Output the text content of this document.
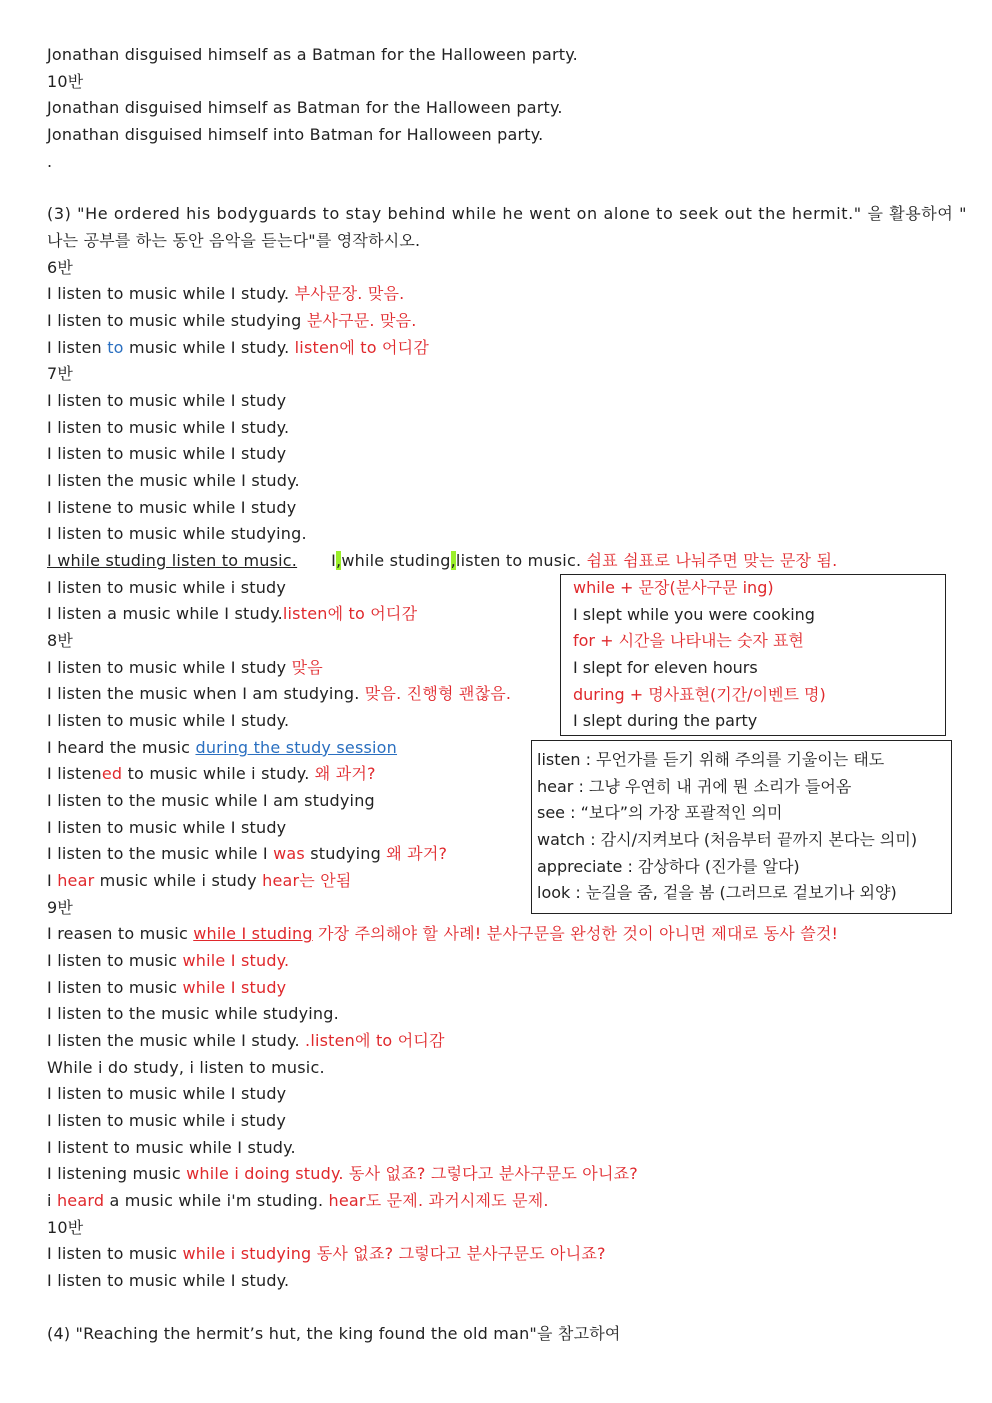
Jonathan disguised himself as a Batman for the Halloween party.
10반
Jonathan disguised himself as Batman for the Halloween party.
Jonathan disguised himself into Batman for Halloween party.
.
(3) "He ordered his bodyguards to stay behind while he went on alone to seek out the hermit." 을 활용하여 "
나는 공부를 하는 동안 음악을 듣는다"를 영작하시오.
6반
I listen to music while I study. 부사문장. 맞음.
I listen to music while studying 분사구문. 맞음.
I listen to music while I study. listen에 to 어디감
7반
I listen to music while I study
I listen to music while I study.
I listen to music while I study
I listen the music while I study.
I listene to music while I study
I listen to music while studying.
I while studing listen to music. I,while studing,listen to music. 쉼표 쉼표로 나눠주면 맞는 문장 됨.
I listen to music while i study
I listen a music while I study.listen에 to 어디감
8반
I listen to music while I study 맞음
I listen the music when I am studying. 맞음. 진행형 괜찮음.
I listen to music while I study.
I heard the music during the study session
I listened to music while i study. 왜 과거?
I listen to the music while I am studying
I listen to music while I study
I listen to the music while I was studying 왜 과거?
I hear music while i study hear는 안됨
9반
I reasen to music while I studing 가장 주의해야 할 사례! 분사구문을 완성한 것이 아니면 제대로 동사 쓸것!
I listen to music while I study.
I listen to music while I study
I listen to the music while studying.
I listen the music while I study. .listen에 to 어디감
While i do study, i listen to music.
I listen to music while I study
I listen to music while i study
I listent to music while I study.
I listening music while i doing study. 동사 없죠? 그렇다고 분사구문도 아니죠?
i heard a music while i'm studing. hear도 문제. 과거시제도 문제.
10반
I listen to music while i studying 동사 없죠? 그렇다고 분사구문도 아니죠?
I listen to music while I study.
(4) "Reaching the hermit’s hut, the king found the old man"을 참고하여
while + 문장(분사구문 ing)
I slept while you were cooking
for + 시간을 나타내는 숫자 표현
I slept for eleven hours
during + 명사표현(기간/이벤트 명)
I slept during the party
listen : 무언가를 듣기 위해 주의를 기울이는 태도
hear : 그냥 우연히 내 귀에 뭔 소리가 들어옴
see : “보다”의 가장 포괄적인 의미
watch : 감시/지켜보다 (처음부터 끝까지 본다는 의미)
appreciate : 감상하다 (진가를 알다)
look : 눈길을 줌, 겉을 봄 (그러므로 겉보기나 외양)
